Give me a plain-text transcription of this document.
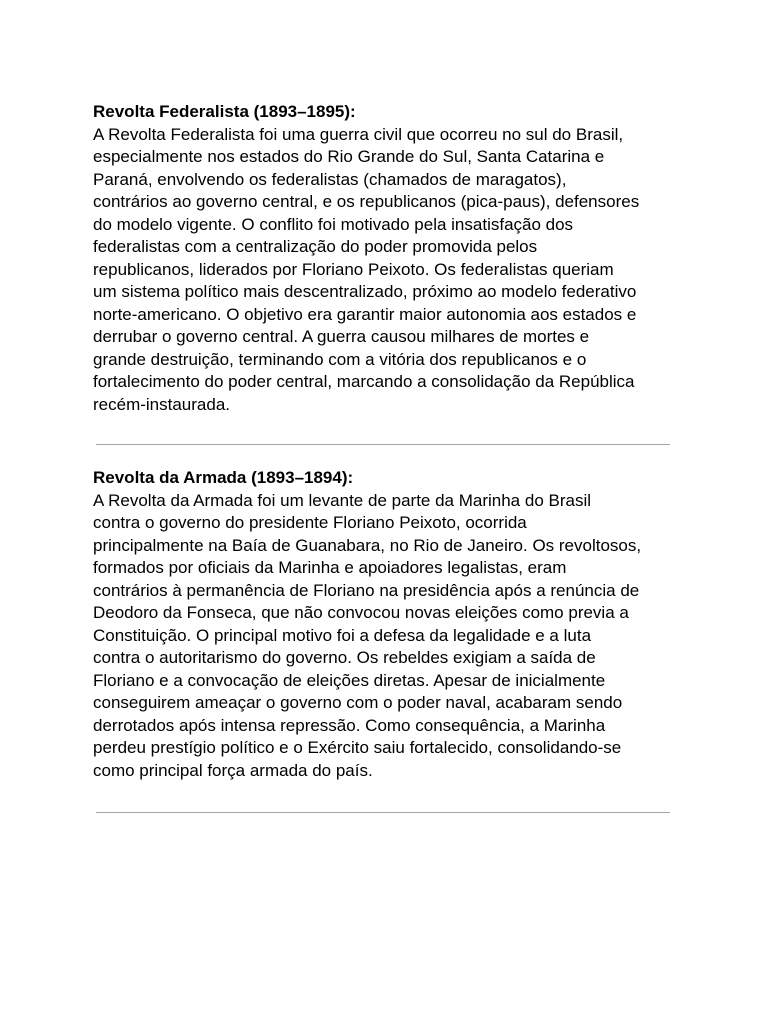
Revolta Federalista (1893–1895):

A Revolta Federalista foi uma guerra civil que ocorreu no sul do Brasil,
especialmente nos estados do Rio Grande do Sul, Santa Catarina e
Paraná, envolvendo os federalistas (chamados de maragatos),
contrários ao governo central, e os republicanos (pica-paus), defensores
do modelo vigente. O conflito foi motivado pela insatisfação dos
federalistas com a centralização do poder promovida pelos
republicanos, liderados por Floriano Peixoto. Os federalistas queriam
um sistema político mais descentralizado, próximo ao modelo federativo
norte-americano. O objetivo era garantir maior autonomia aos estados e
derrubar o governo central. A guerra causou milhares de mortes e
grande destruição, terminando com a vitória dos republicanos e o
fortalecimento do poder central, marcando a consolidação da República
recém-instaurada.

Revolta da Armada (1893–1894):

A Revolta da Armada foi um levante de parte da Marinha do Brasil
contra o governo do presidente Floriano Peixoto, ocorrida
principalmente na Baía de Guanabara, no Rio de Janeiro. Os revoltosos,
formados por oficiais da Marinha e apoiadores legalistas, eram
contrários à permanência de Floriano na presidência após a renúncia de
Deodoro da Fonseca, que não convocou novas eleições como previa a
Constituição. O principal motivo foi a defesa da legalidade e a luta
contra o autoritarismo do governo. Os rebeldes exigiam a saída de
Floriano e a convocação de eleições diretas. Apesar de inicialmente
conseguirem ameaçar o governo com o poder naval, acabaram sendo
derrotados após intensa repressão. Como consequência, a Marinha
perdeu prestígio político e o Exército saiu fortalecido, consolidando-se
como principal força armada do país.
